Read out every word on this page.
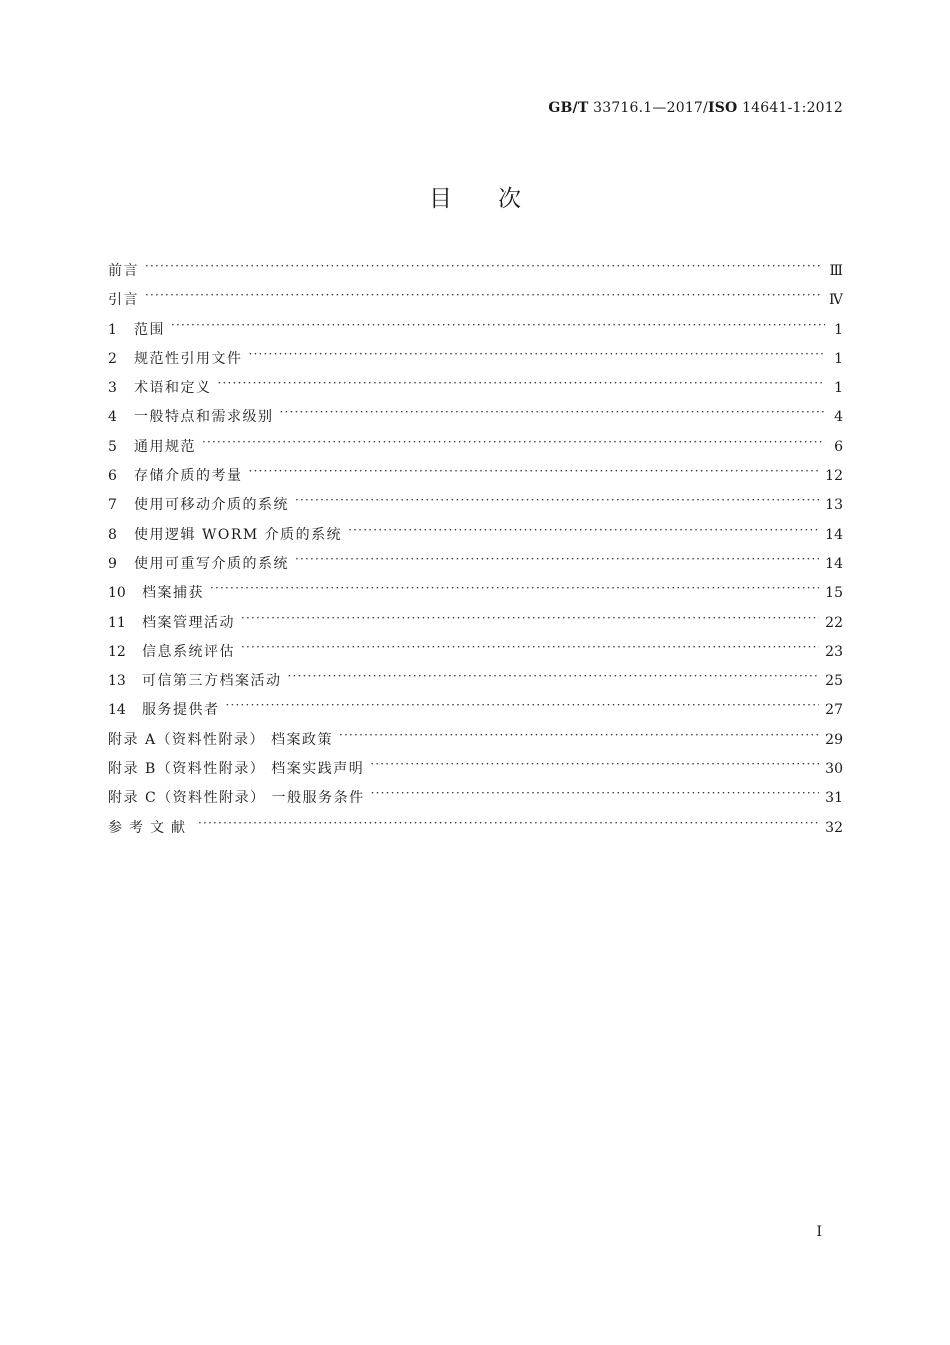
GB/T 33716.1—2017/ISO 14641-1:2012
目次
前言 ·····	Ⅲ
引言 ·····	Ⅳ
1	范围 ·····	1
2	规范性引用文件 ·····	1
3	术语和定义 ·····	1
4	一般特点和需求级别 ·····	4
5	通用规范 ·····	6
6	存储介质的考量 ·····	12
7	使用可移动介质的系统 ·····	13
8	使用逻辑 WORM 介质的系统 ·····	14
9	使用可重写介质的系统 ·····	14
10	档案捕获 ·····	15
11	档案管理活动 ·····	22
12	信息系统评估 ·····	23
13	可信第三方档案活动 ·····	25
14	服务提供者 ·····	27
附录 A（资料性附录） 档案政策 ·····	29
附录 B（资料性附录） 档案实践声明 ·····	30
附录 C（资料性附录） 一般服务条件 ·····	31
参考文献 ·····	32
Ⅰ
